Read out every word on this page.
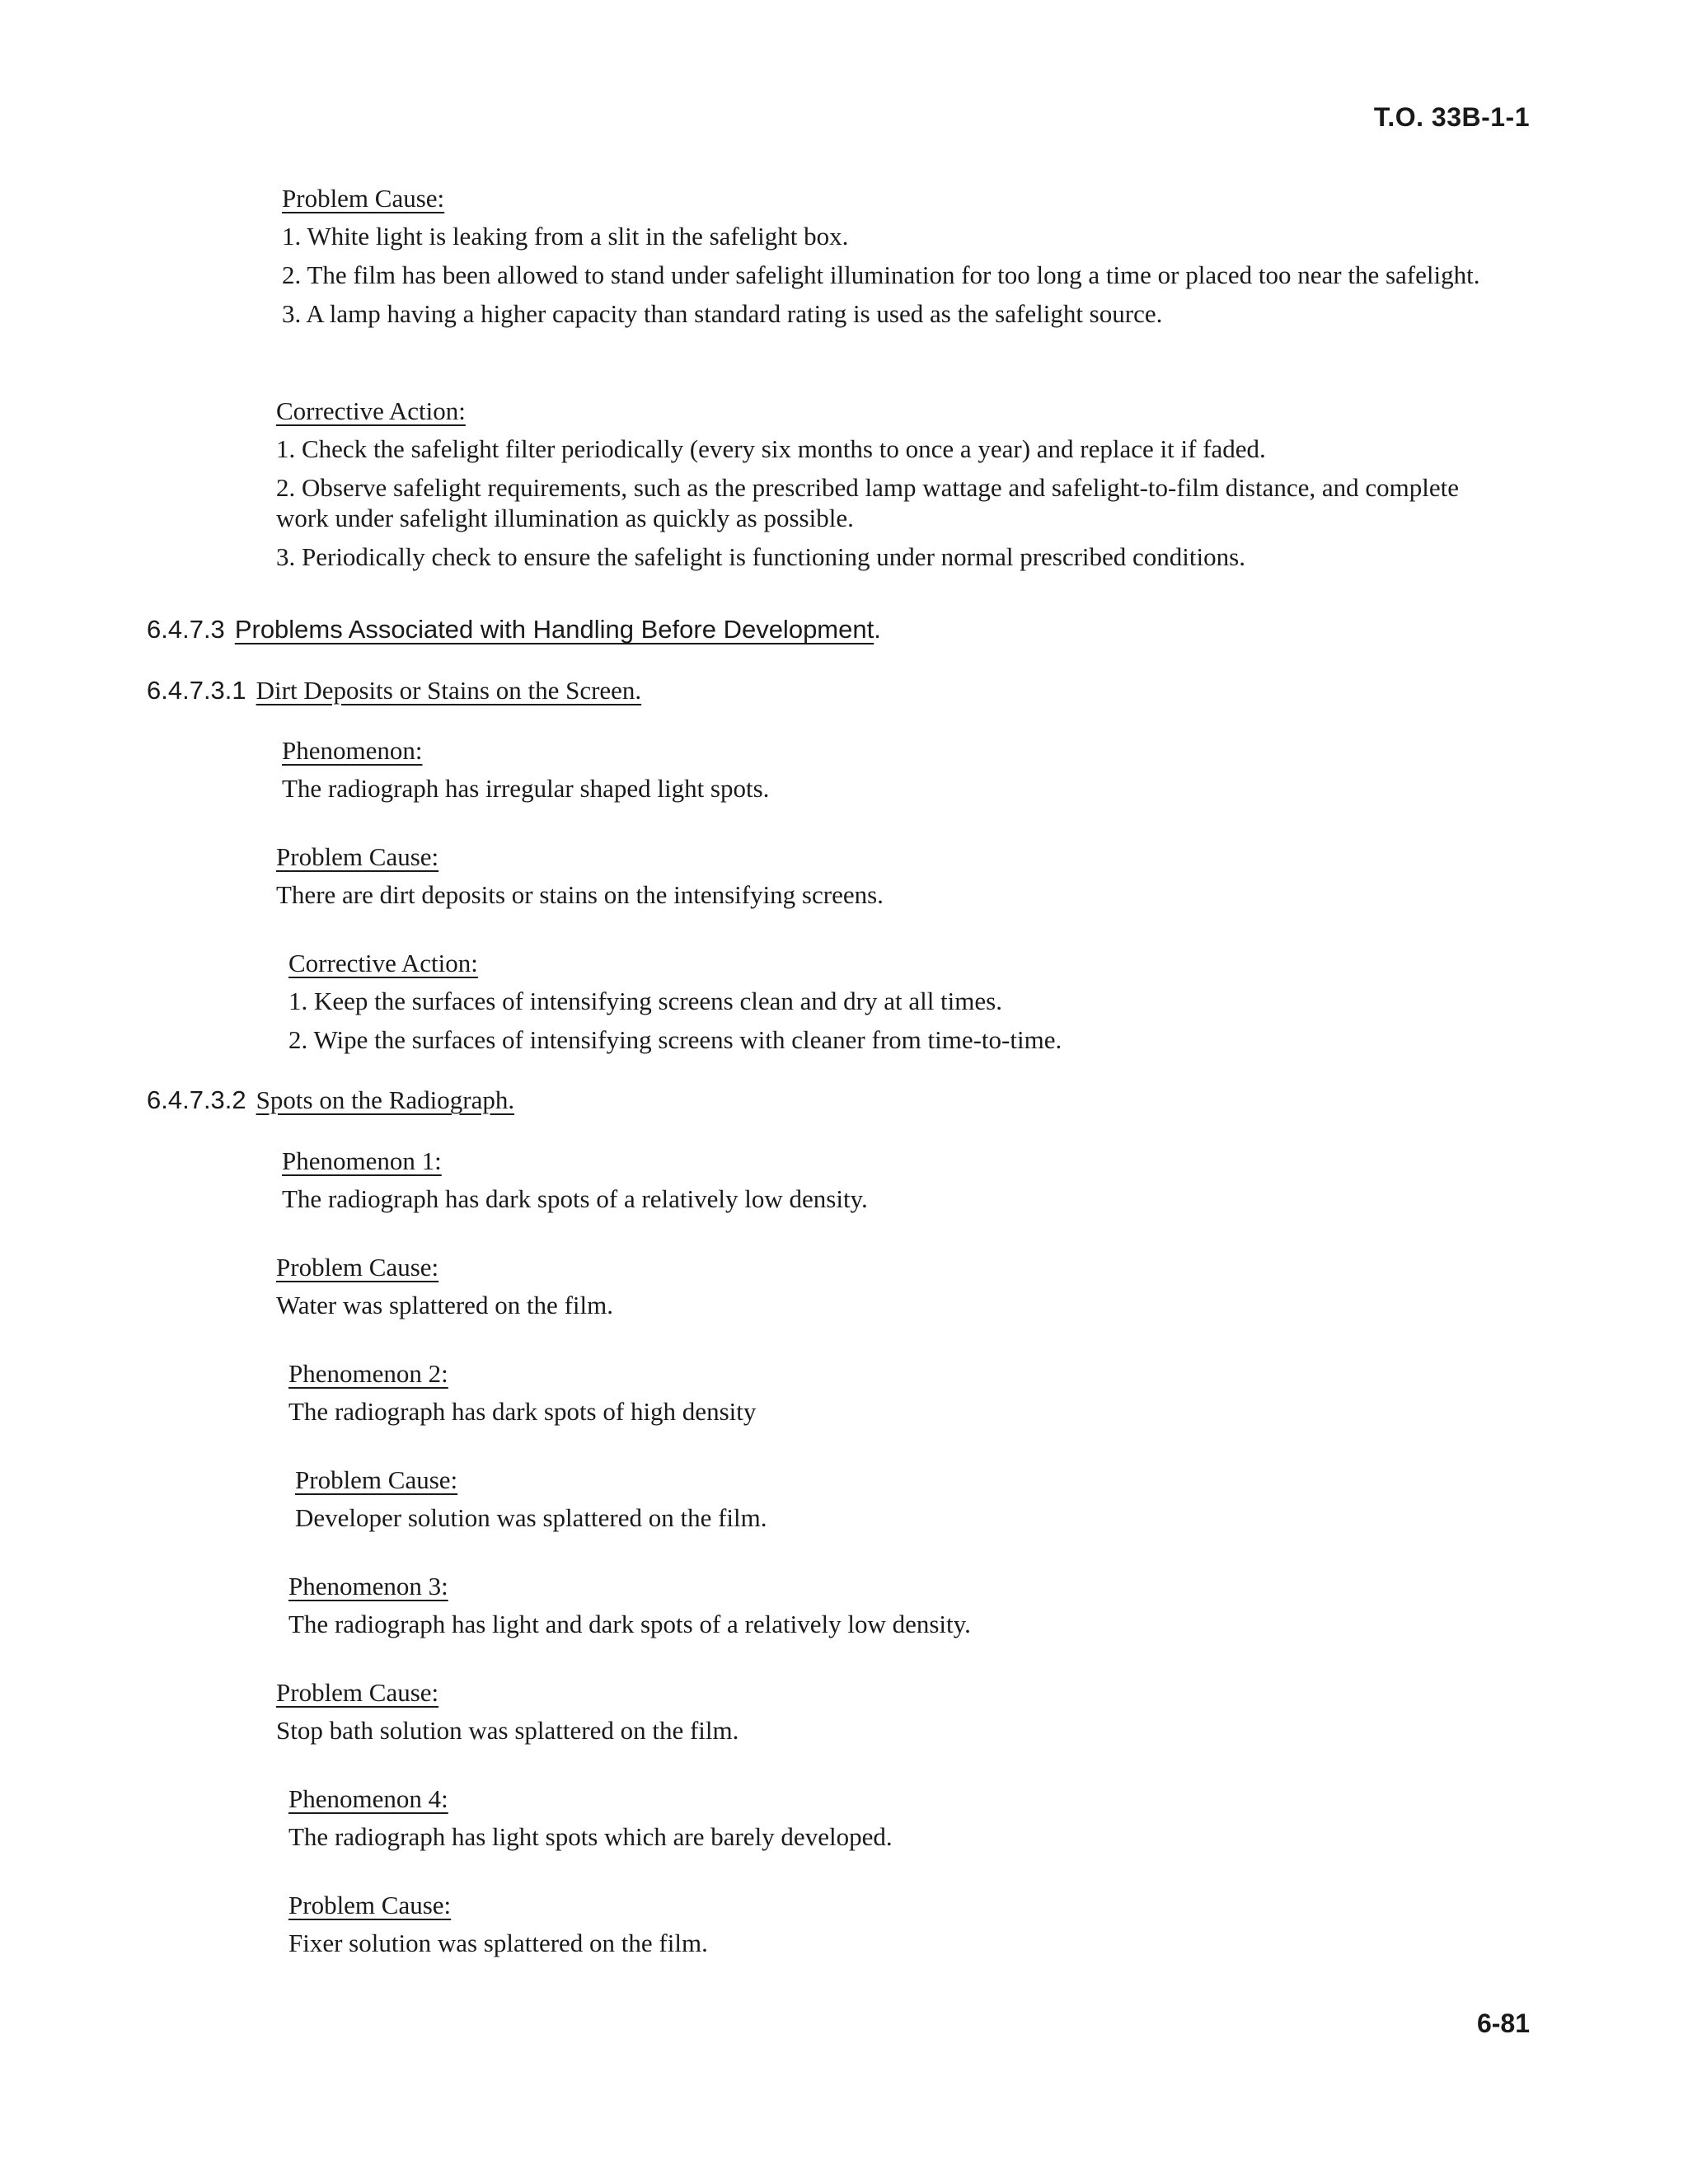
T.O. 33B-1-1
Problem Cause:

1. White light is leaking from a slit in the safelight box.

2. The film has been allowed to stand under safelight illumination for too long a time or placed too near the safelight.

3. A lamp having a higher capacity than standard rating is used as the safelight source.

Corrective Action:

1. Check the safelight filter periodically (every six months to once a year) and replace it if faded.

2. Observe safelight requirements, such as the prescribed lamp wattage and safelight-to-film distance, and complete work under safelight illumination as quickly as possible.

3. Periodically check to ensure the safelight is functioning under normal prescribed conditions.

6.4.7.3 Problems Associated with Handling Before Development.
6.4.7.3.1 Dirt Deposits or Stains on the Screen.
Phenomenon:

The radiograph has irregular shaped light spots.

Problem Cause:

There are dirt deposits or stains on the intensifying screens.

Corrective Action:

1. Keep the surfaces of intensifying screens clean and dry at all times.

2. Wipe the surfaces of intensifying screens with cleaner from time-to-time.

6.4.7.3.2 Spots on the Radiograph.
Phenomenon 1:

The radiograph has dark spots of a relatively low density.

Problem Cause:

Water was splattered on the film.

Phenomenon 2:

The radiograph has dark spots of high density

Problem Cause:

Developer solution was splattered on the film.

Phenomenon 3:

The radiograph has light and dark spots of a relatively low density.

Problem Cause:

Stop bath solution was splattered on the film.

Phenomenon 4:

The radiograph has light spots which are barely developed.

Problem Cause:

Fixer solution was splattered on the film.

6-81
